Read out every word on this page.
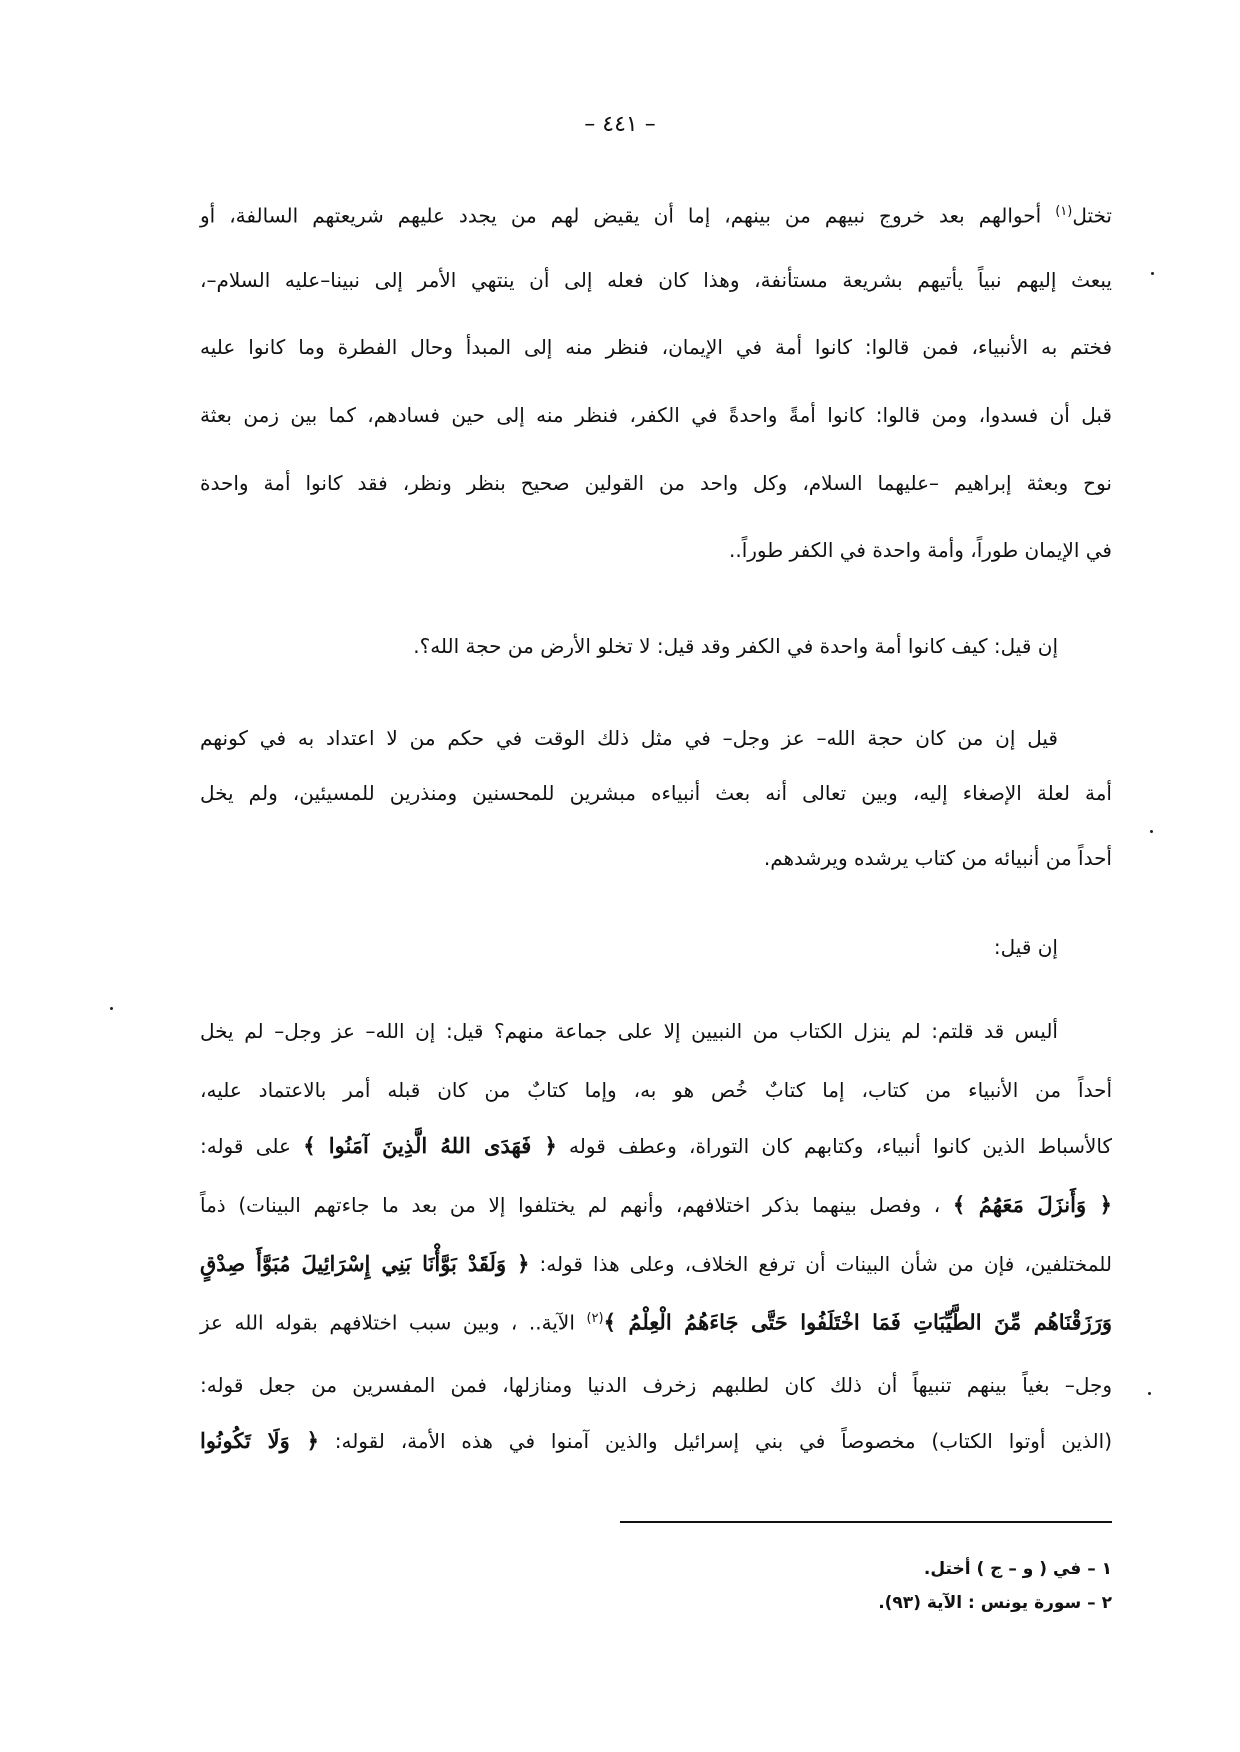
– ٤٤١ –
تختل$^{(١)}$ أحوالهم بعد خروج نبيهم من بينهم، إما أن يقيض لهم من يجدد عليهم شريعتهم السالفة، أو
يبعث إليهم نبياً يأتيهم بشريعة مستأنفة، وهذا كان فعله إلى أن ينتهي الأمر إلى نبينا–عليه السلام–،
فختم به الأنبياء، فمن قالوا: كانوا أمة في الإيمان، فنظر منه إلى المبدأ وحال الفطرة وما كانوا عليه
قبل أن فسدوا، ومن قالوا: كانوا أمةً واحدةً في الكفر، فنظر منه إلى حين فسادهم، كما بين زمن بعثة
نوح وبعثة إبراهيم –عليهما السلام، وكل واحد من القولين صحيح بنظر ونظر، فقد كانوا أمة واحدة
في الإيمان طوراً، وأمة واحدة في الكفر طوراً..
إن قيل: كيف كانوا أمة واحدة في الكفر وقد قيل: لا تخلو الأرض من حجة الله؟.
قيل إن من كان حجة الله– عز وجل– في مثل ذلك الوقت في حكم من لا اعتداد به في كونهم
أمة لعلة الإصغاء إليه، وبين تعالى أنه بعث أنبياءه مبشرين للمحسنين ومنذرين للمسيئين، ولم يخل
أحداً من أنبيائه من كتاب يرشده ويرشدهم.
إن قيل:
أليس قد قلتم: لم ينزل الكتاب من النبيين إلا على جماعة منهم؟ قيل: إن الله– عز وجل– لم يخل
أحداً من الأنبياء من كتاب، إما كتابٌ خُص هو به، وإما كتابٌ من كان قبله أمر بالاعتماد عليه،
كالأسباط الذين كانوا أنبياء، وكتابهم كان التوراة، وعطف قوله ﴿ فَهَدَى اللهُ الَّذِينَ آمَنُوا ﴾ على قوله:
﴿ وَأَنزَلَ مَعَهُمُ ﴾ ، وفصل بينهما بذكر اختلافهم، وأنهم لم يختلفوا إلا من بعد ما جاءتهم البينات) ذماً
للمختلفين، فإن من شأن البينات أن ترفع الخلاف، وعلى هذا قوله: ﴿ وَلَقَدْ بَوَّأْنَا بَنِي إِسْرَائِيلَ مُبَوَّأَ صِدْقٍ
وَرَزَقْنَاهُم مِّنَ الطَّيِّبَاتِ فَمَا اخْتَلَفُوا حَتَّى جَاءَهُمُ الْعِلْمُ ﴾$^{(٢)}$ الآية.. ، وبين سبب اختلافهم بقوله الله عز
وجل– بغياً بينهم تنبيهاً أن ذلك كان لطلبهم زخرف الدنيا ومنازلها، فمن المفسرين من جعل قوله:
(الذين أوتوا الكتاب) مخصوصاً في بني إسرائيل والذين آمنوا في هذه الأمة، لقوله: ﴿ وَلَا تَكُونُوا
١ – في ( و – ج ) أختل.
٢ – سورة يونس : الآية (٩٣).
